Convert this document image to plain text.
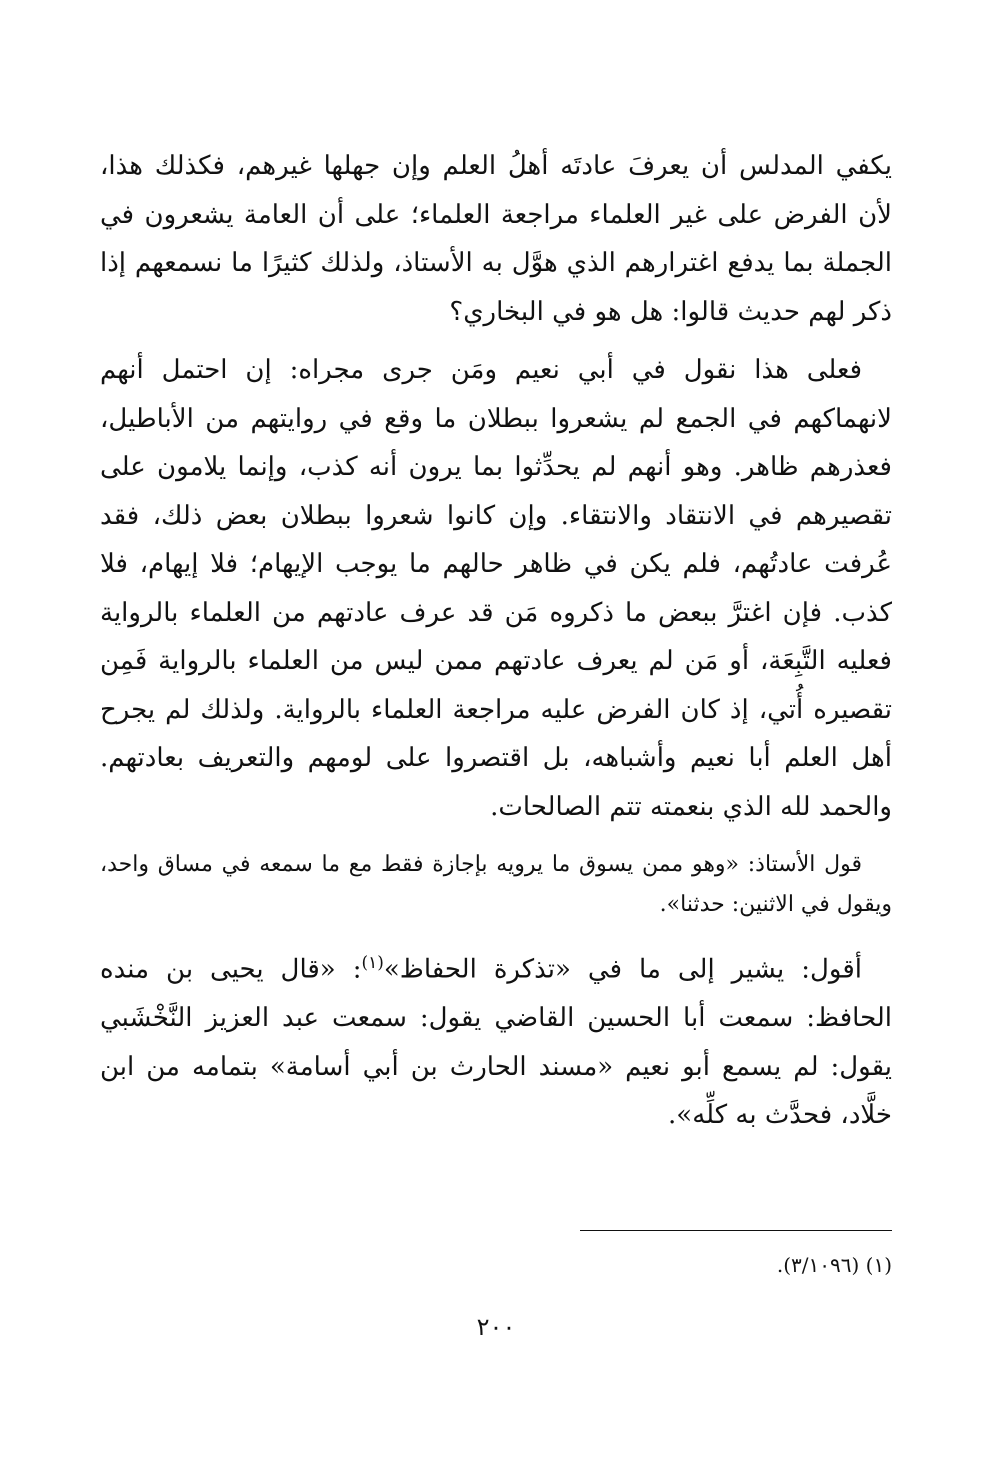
يكفي المدلس أن يعرفَ عادتَه أهلُ العلم وإن جهلها غيرهم، فكذلك هذا، لأن الفرض على غير العلماء مراجعة العلماء؛ على أن العامة يشعرون في الجملة بما يدفع اغترارهم الذي هوَّل به الأستاذ، ولذلك كثيرًا ما نسمعهم إذا ذكر لهم حديث قالوا: هل هو في البخاري؟

فعلى هذا نقول في أبي نعيم ومَن جرى مجراه: إن احتمل أنهم لانهماكهم في الجمع لم يشعروا ببطلان ما وقع في روايتهم من الأباطيل، فعذرهم ظاهر. وهو أنهم لم يحدِّثوا بما يرون أنه كذب، وإنما يلامون على تقصيرهم في الانتقاد والانتقاء. وإن كانوا شعروا ببطلان بعض ذلك، فقد عُرفت عادتُهم، فلم يكن في ظاهر حالهم ما يوجب الإيهام؛ فلا إيهام، فلا كذب. فإن اغترَّ ببعض ما ذكروه مَن قد عرف عادتهم من العلماء بالرواية فعليه التَّبِعَة، أو مَن لم يعرف عادتهم ممن ليس من العلماء بالرواية فَمِن تقصيره أُتي، إذ كان الفرض عليه مراجعة العلماء بالرواية. ولذلك لم يجرح أهل العلم أبا نعيم وأشباهه، بل اقتصروا على لومهم والتعريف بعادتهم. والحمد لله الذي بنعمته تتم الصالحات.

قول الأستاذ: «وهو ممن يسوق ما يرويه بإجازة فقط مع ما سمعه في مساق واحد، ويقول في الاثنين: حدثنا».

أقول: يشير إلى ما في «تذكرة الحفاظ»$^{(١)}$: «قال يحيى بن منده الحافظ: سمعت أبا الحسين القاضي يقول: سمعت عبد العزيز النَّخْشَبي يقول: لم يسمع أبو نعيم «مسند الحارث بن أبي أسامة» بتمامه من ابن خلَّاد، فحدَّث به كلِّه».

(١) (٣/١٠٩٦).
٢٠٠
